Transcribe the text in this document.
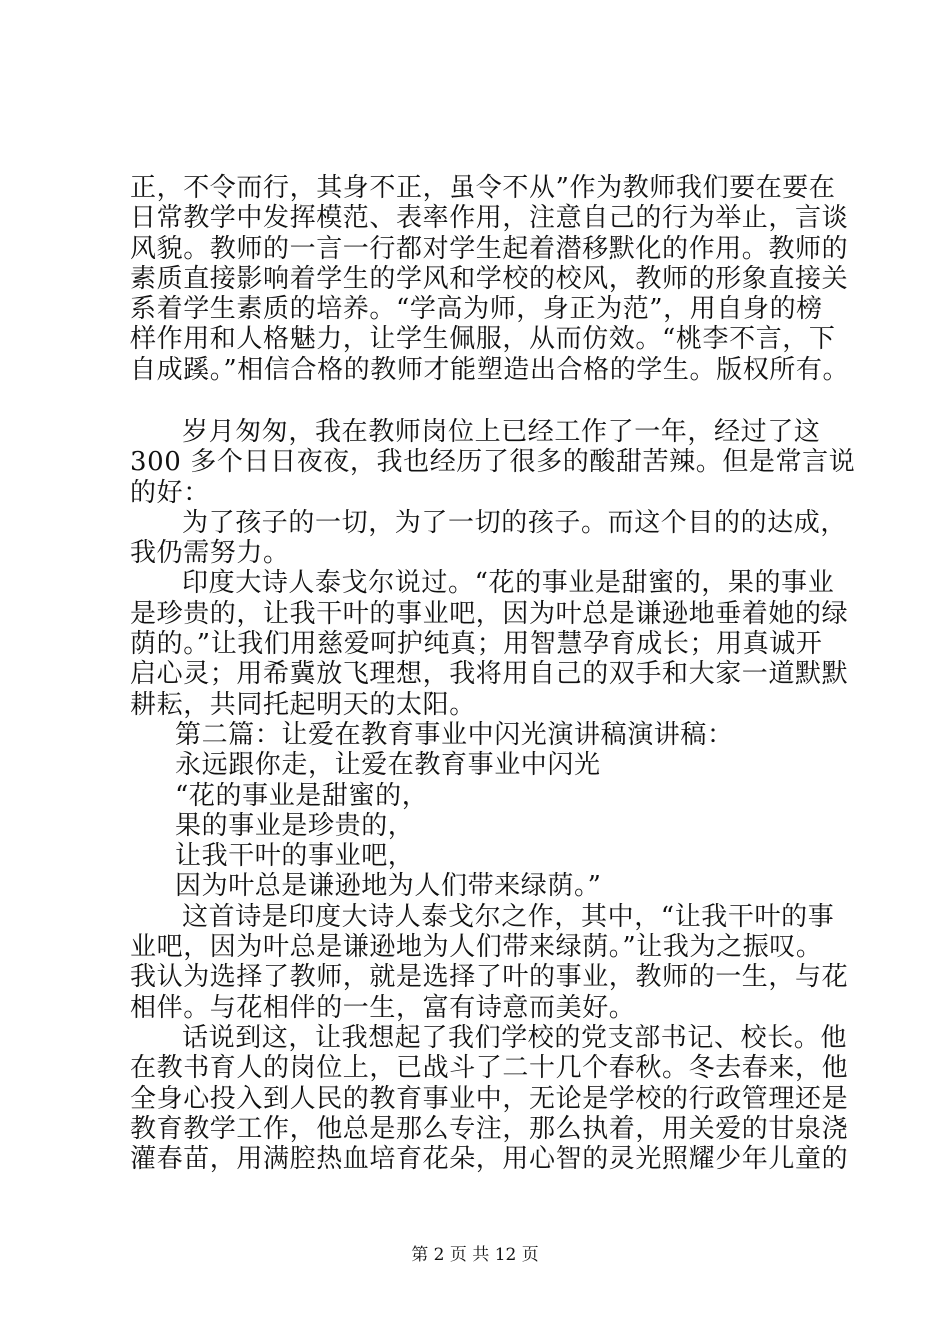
正，不令而行，其身不正，虽令不从”作为教师我们要在要在
日常教学中发挥模范、表率作用，注意自己的行为举止，言谈
风貌。教师的一言一行都对学生起着潜移默化的作用。教师的
素质直接影响着学生的学风和学校的校风，教师的形象直接关
系着学生素质的培养。“学高为师，身正为范”，用自身的榜
样作用和人格魅力，让学生佩服，从而仿效。“桃李不言，下
自成蹊。”相信合格的教师才能塑造出合格的学生。版权所有。
岁月匆匆，我在教师岗位上已经工作了一年，经过了这
300 多个日日夜夜，我也经历了很多的酸甜苦辣。但是常言说
的好：
为了孩子的一切，为了一切的孩子。而这个目的的达成，
我仍需努力。
印度大诗人泰戈尔说过。“花的事业是甜蜜的，果的事业
是珍贵的，让我干叶的事业吧，因为叶总是谦逊地垂着她的绿
荫的。”让我们用慈爱呵护纯真；用智慧孕育成长；用真诚开
启心灵；用希冀放飞理想，我将用自己的双手和大家一道默默
耕耘，共同托起明天的太阳。
第二篇：让爱在教育事业中闪光演讲稿演讲稿：
永远跟你走，让爱在教育事业中闪光
“花的事业是甜蜜的，
果的事业是珍贵的，
让我干叶的事业吧，
因为叶总是谦逊地为人们带来绿荫。”
这首诗是印度大诗人泰戈尔之作，其中，“让我干叶的事
业吧，因为叶总是谦逊地为人们带来绿荫。”让我为之振叹。
我认为选择了教师，就是选择了叶的事业，教师的一生，与花
相伴。与花相伴的一生，富有诗意而美好。
话说到这，让我想起了我们学校的党支部书记、校长。他
在教书育人的岗位上，已战斗了二十几个春秋。冬去春来，他
全身心投入到人民的教育事业中，无论是学校的行政管理还是
教育教学工作，他总是那么专注，那么执着，用关爱的甘泉浇
灌春苗，用满腔热血培育花朵，用心智的灵光照耀少年儿童的
第 2 页 共 12 页
